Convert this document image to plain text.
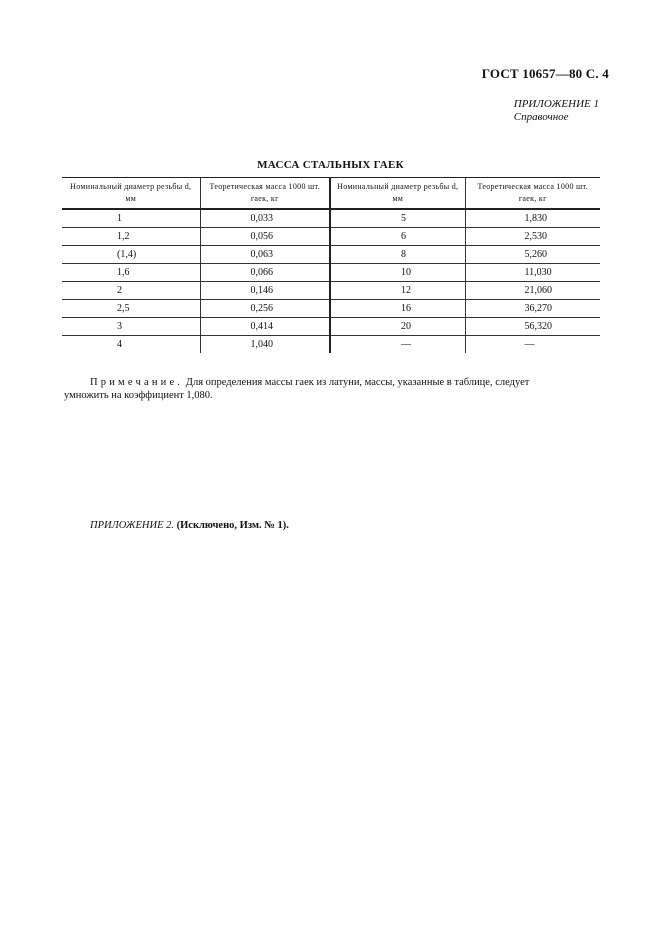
ГОСТ 10657—80 С. 4
ПРИЛОЖЕНИЕ 1
Справочное
МАССА СТАЛЬНЫХ ГАЕК
Номинальный диаметр резьбы d, мм	Теоретическая масса 1000 шт. гаек, кг	Номинальный диаметр резьбы d, мм	Теоретическая масса 1000 шт. гаек, кг
1	0,033	5	1,830
1,2	0,056	6	2,530
(1,4)	0,063	8	5,260
1,6	0,066	10	11,030
2	0,146	12	21,060
2,5	0,256	16	36,270
3	0,414	20	56,320
4	1,040	—	—
Примечание. Для определения массы гаек из латуни, массы, указанные в таблице, следует
умножить на коэффициент 1,080.
ПРИЛОЖЕНИЕ 2. (Исключено, Изм. № 1).
